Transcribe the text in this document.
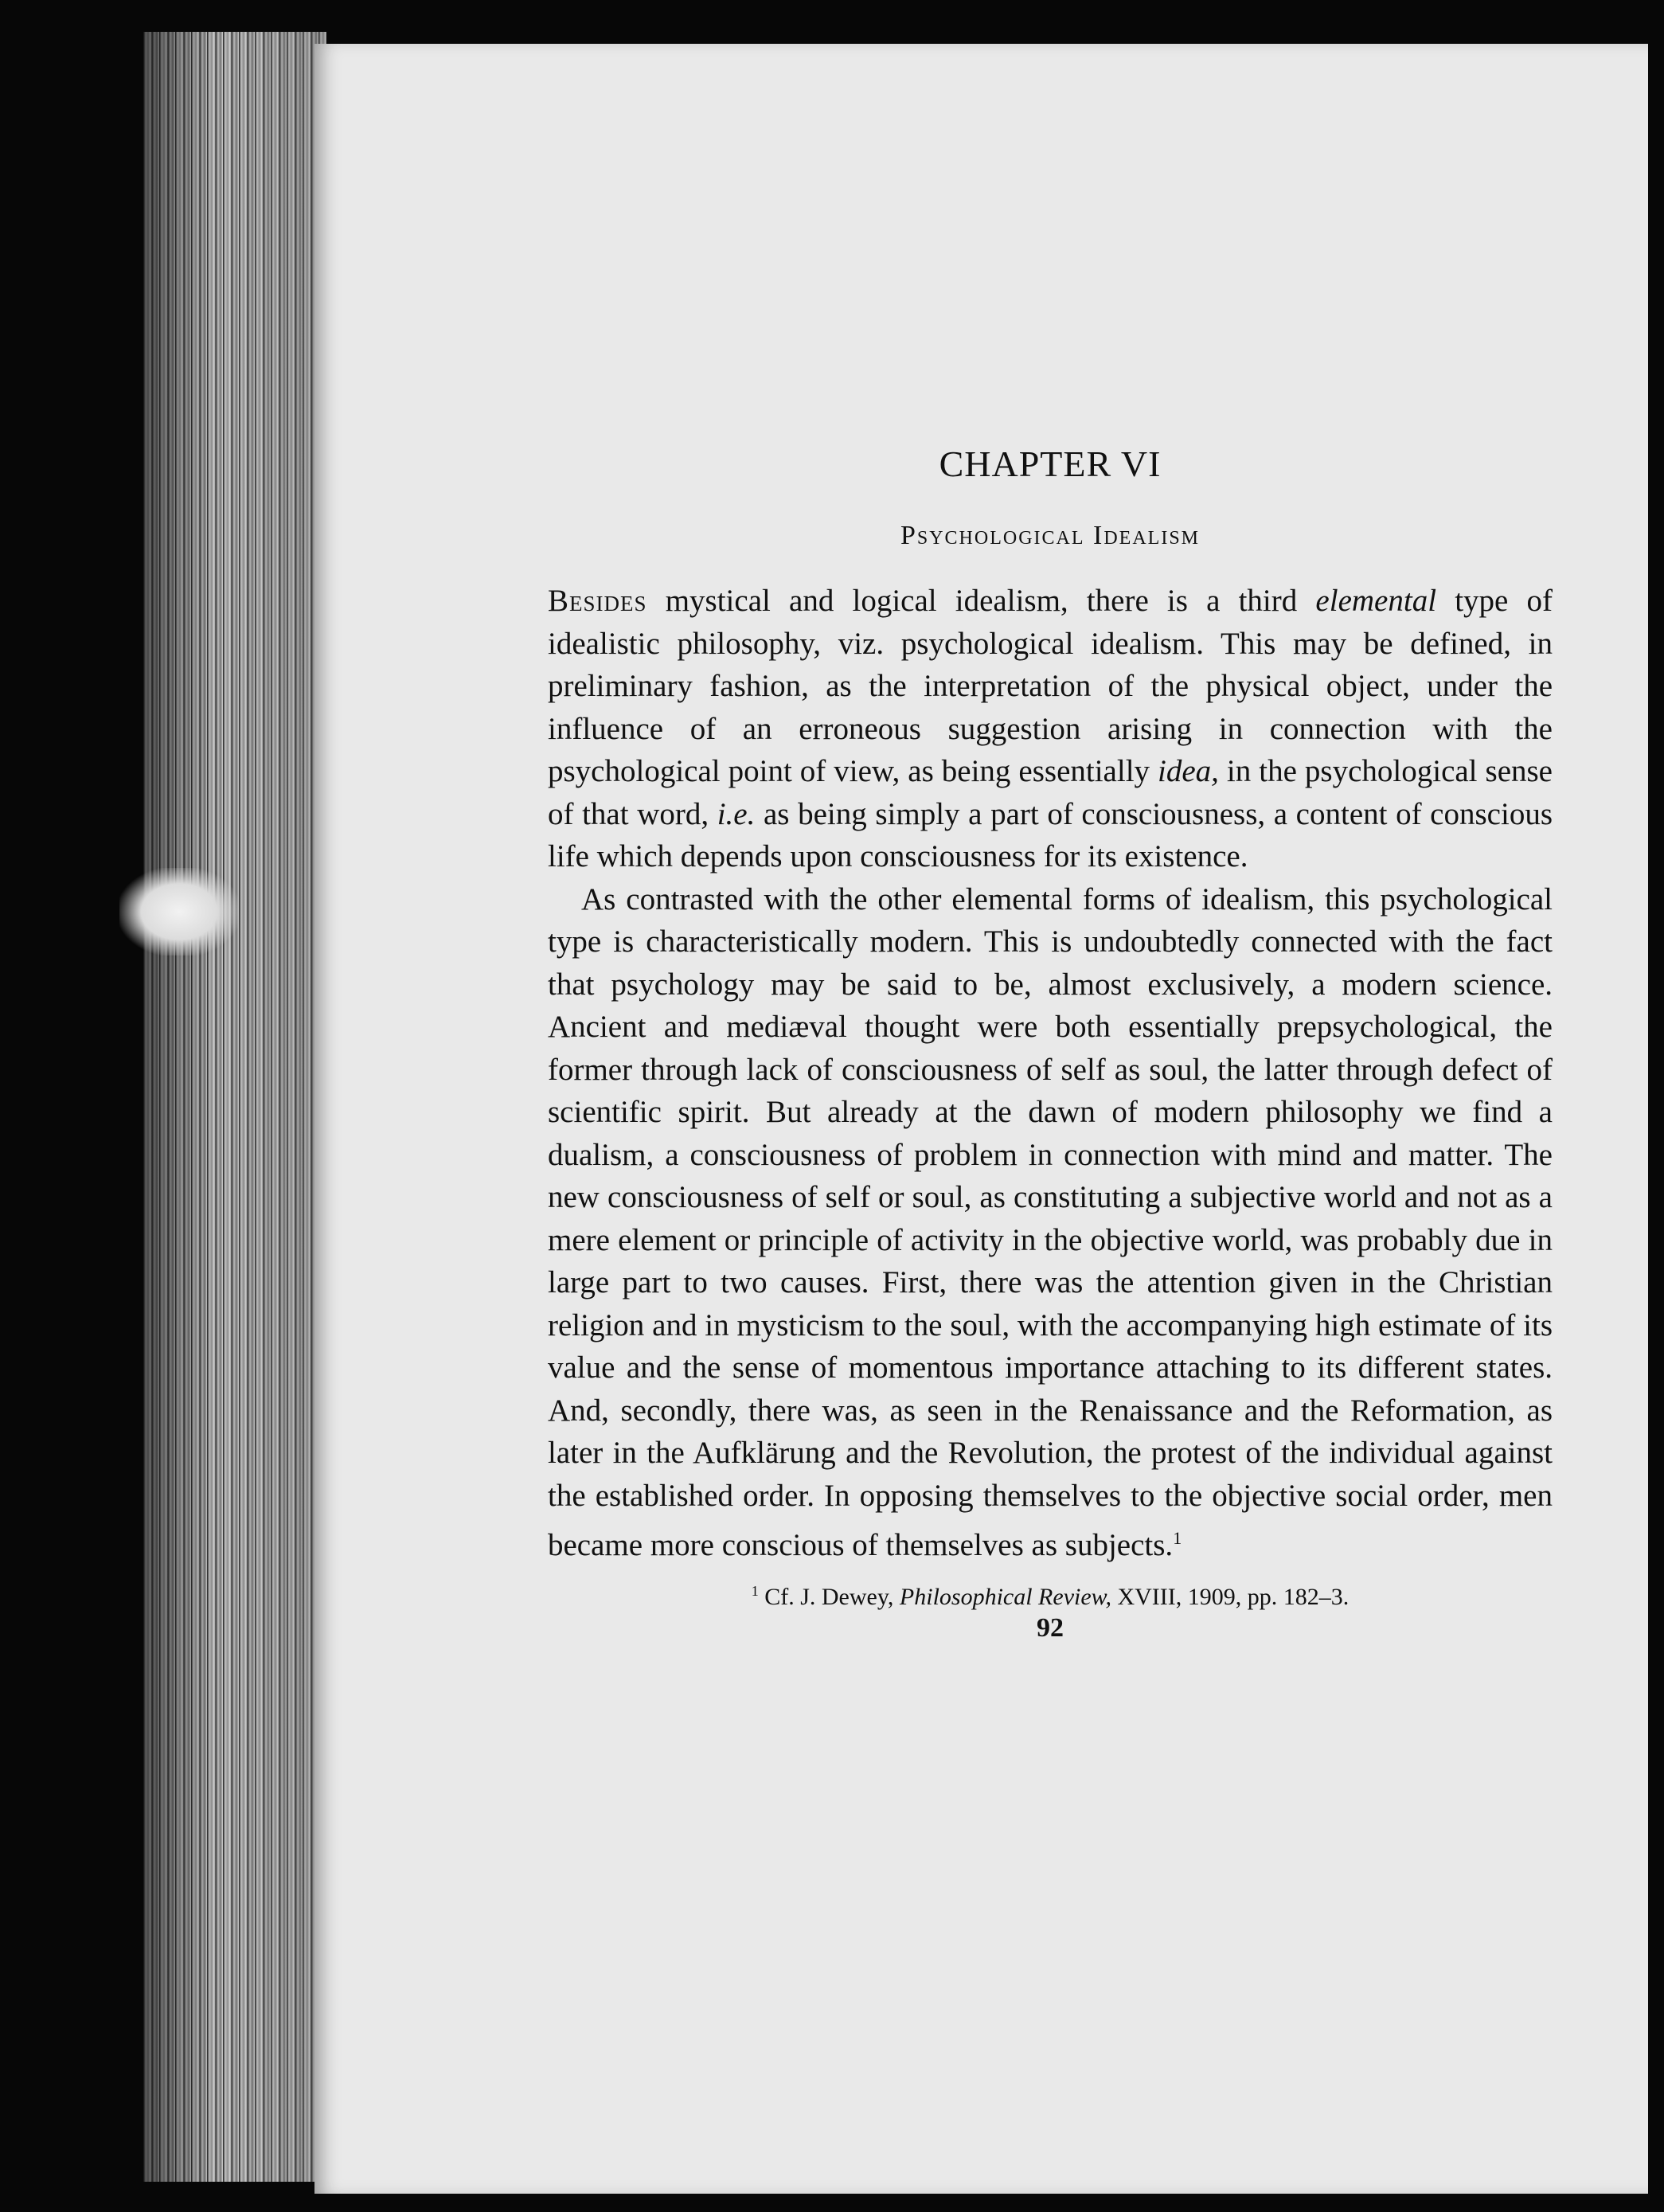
CHAPTER VI
Psychological Idealism

Besides mystical and logical idealism, there is a third elemental type of idealistic philosophy, viz. psychological idealism. This may be defined, in preliminary fashion, as the interpretation of the physical object, under the influence of an erroneous suggestion arising in connection with the psychological point of view, as being essentially idea, in the psychological sense of that word, i.e. as being simply a part of consciousness, a content of conscious life which depends upon consciousness for its existence.

As contrasted with the other elemental forms of idealism, this psychological type is characteristically modern. This is undoubtedly connected with the fact that psychology may be said to be, almost exclusively, a modern science. Ancient and mediæval thought were both essentially prepsychological, the former through lack of consciousness of self as soul, the latter through defect of scientific spirit. But already at the dawn of modern philosophy we find a dualism, a consciousness of problem in connection with mind and matter. The new consciousness of self or soul, as constituting a subjective world and not as a mere element or principle of activity in the objective world, was probably due in large part to two causes. First, there was the attention given in the Christian religion and in mysticism to the soul, with the accompanying high estimate of its value and the sense of momentous importance attaching to its different states. And, secondly, there was, as seen in the Renaissance and the Reformation, as later in the Aufklärung and the Revolution, the protest of the individual against the established order. In opposing themselves to the objective social order, men became more conscious of themselves as subjects.$^1$

$^1$ Cf. J. Dewey, Philosophical Review, XVIII, 1909, pp. 182–3.

92
